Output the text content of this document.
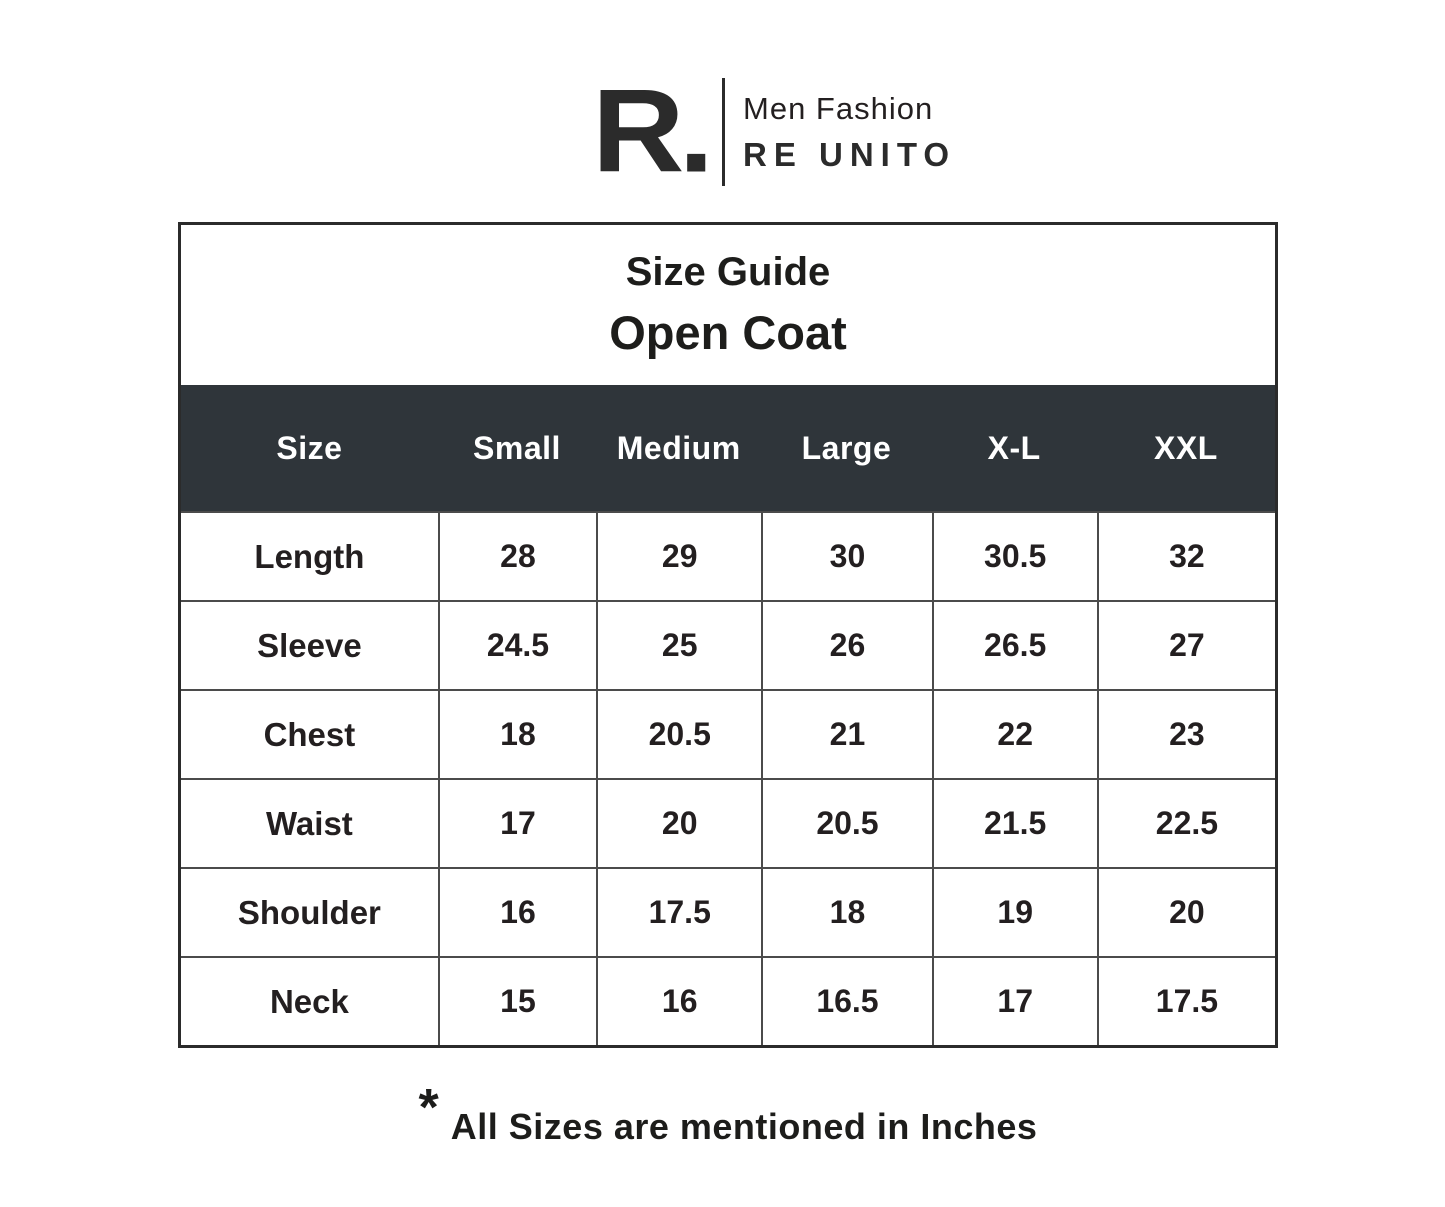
R.	Men Fashion
RE UNITO
Size Guide
Open Coat
Size	Small	Medium	Large	X-L	XXL
Length	28	29	30	30.5	32
Sleeve	24.5	25	26	26.5	27
Chest	18	20.5	21	22	23
Waist	17	20	20.5	21.5	22.5
Shoulder	16	17.5	18	19	20
Neck	15	16	16.5	17	17.5
* All Sizes are mentioned in Inches
